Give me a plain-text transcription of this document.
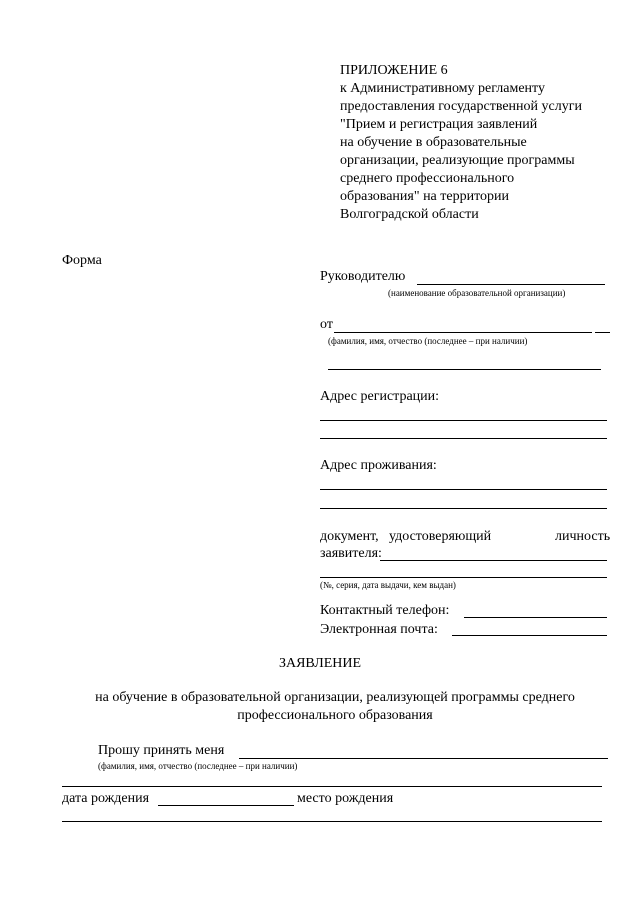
ПРИЛОЖЕНИЕ 6
к Административному регламенту
предоставления государственной услуги
"Прием и регистрация заявлений
на обучение в образовательные
организации, реализующие программы
среднего профессионального
образования" на территории
Волгоградской области
Форма
Руководителю
(наименование образовательной организации)
от
(фамилия, имя, отчество (последнее – при наличии)
Адрес регистрации:
Адрес проживания:
документ, удостоверяющий	личность
заявителя:
(№, серия, дата выдачи, кем выдан)
Контактный телефон:
Электронная почта:
ЗАЯВЛЕНИЕ
на обучение в образовательной организации, реализующей программы среднего
профессионального образования
Прошу принять меня
(фамилия, имя, отчество (последнее – при наличии)
дата рождения	место рождения
